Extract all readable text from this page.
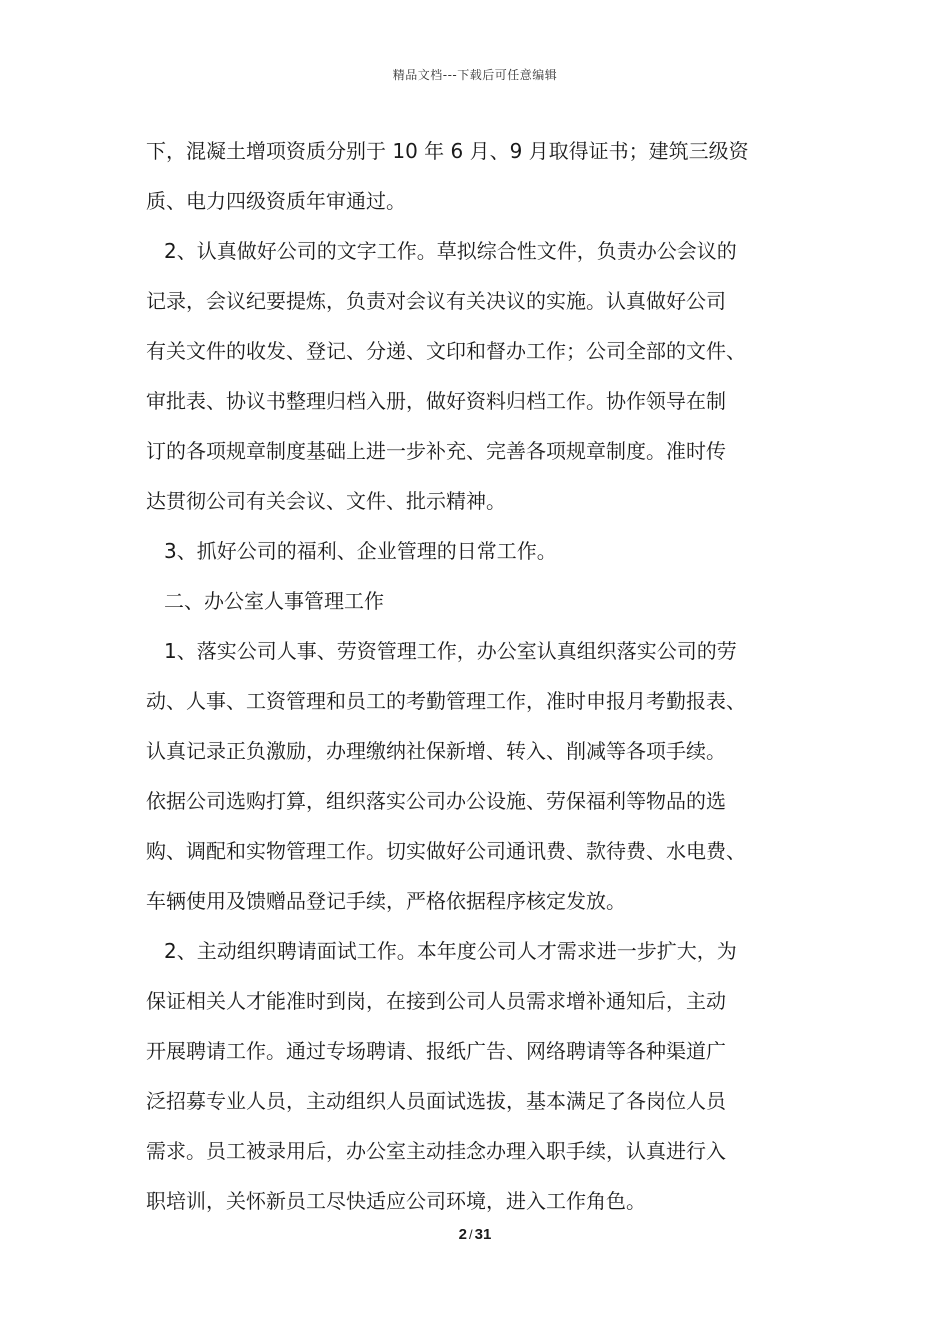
精品文档---下载后可任意编辑
下，混凝土增项资质分别于 10 年 6 月、9 月取得证书；建筑三级资
质、电力四级资质年审通过。
2、认真做好公司的文字工作。草拟综合性文件，负责办公会议的
记录，会议纪要提炼，负责对会议有关决议的实施。认真做好公司
有关文件的收发、登记、分递、文印和督办工作；公司全部的文件、
审批表、协议书整理归档入册，做好资料归档工作。协作领导在制
订的各项规章制度基础上进一步补充、完善各项规章制度。准时传
达贯彻公司有关会议、文件、批示精神。
3、抓好公司的福利、企业管理的日常工作。
二、办公室人事管理工作
1、落实公司人事、劳资管理工作，办公室认真组织落实公司的劳
动、人事、工资管理和员工的考勤管理工作，准时申报月考勤报表、
认真记录正负激励，办理缴纳社保新增、转入、削减等各项手续。
依据公司选购打算，组织落实公司办公设施、劳保福利等物品的选
购、调配和实物管理工作。切实做好公司通讯费、款待费、水电费、
车辆使用及馈赠品登记手续，严格依据程序核定发放。
2、主动组织聘请面试工作。本年度公司人才需求进一步扩大，为
保证相关人才能准时到岗，在接到公司人员需求增补通知后，主动
开展聘请工作。通过专场聘请、报纸广告、网络聘请等各种渠道广
泛招募专业人员，主动组织人员面试选拔，基本满足了各岗位人员
需求。员工被录用后，办公室主动挂念办理入职手续，认真进行入
职培训，关怀新员工尽快适应公司环境，进入工作角色。
2 / 31
